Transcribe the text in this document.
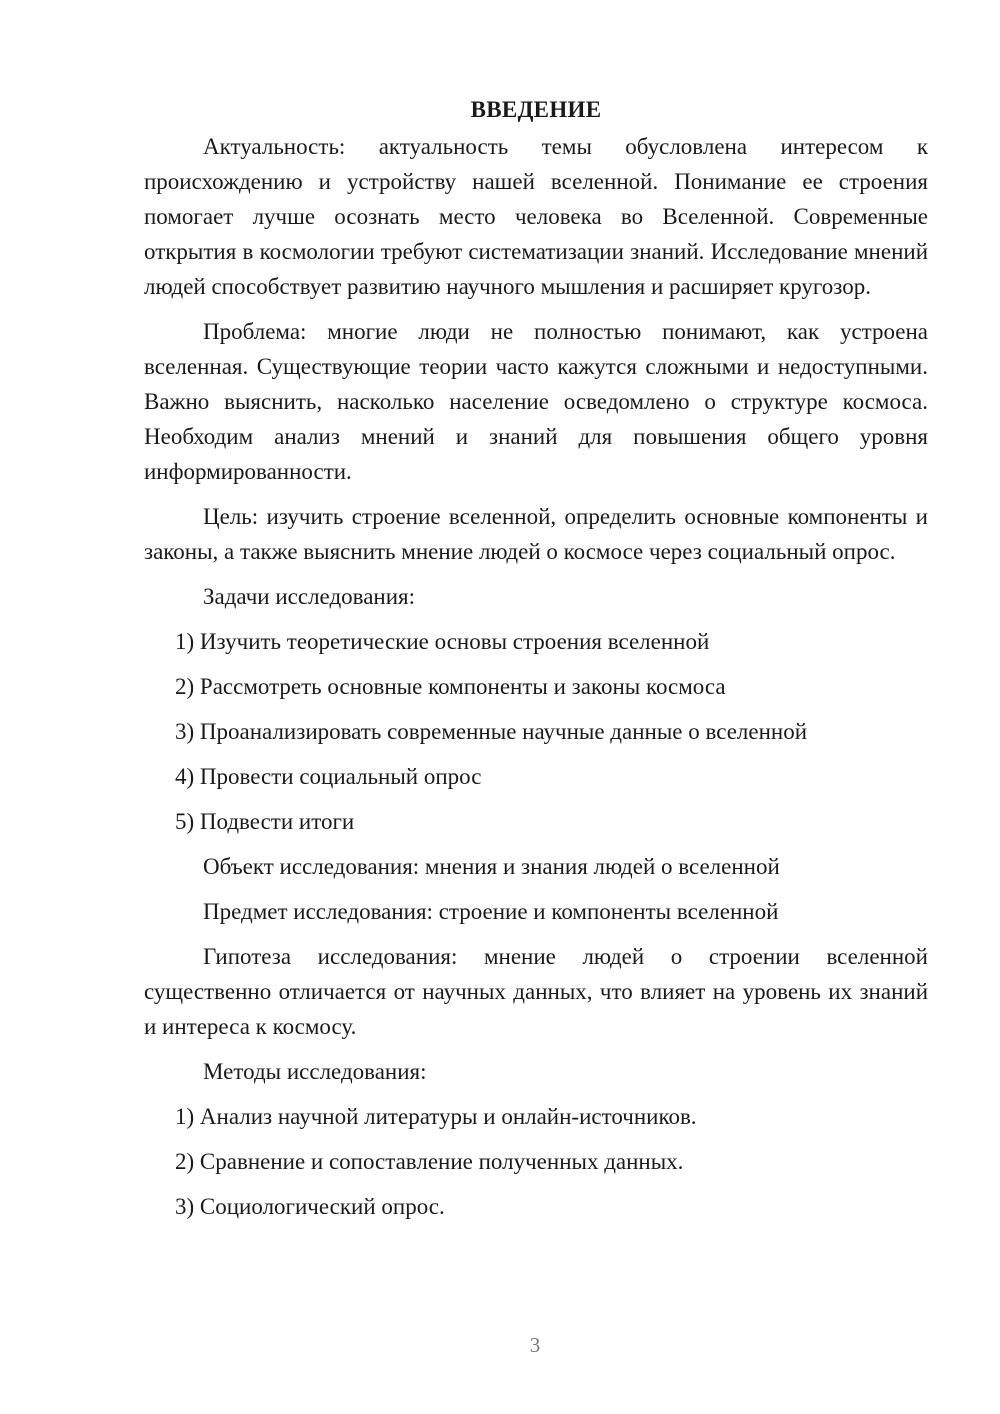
ВВЕДЕНИЕ

Актуальность: актуальность темы обусловлена интересом к происхождению и устройству нашей вселенной. Понимание ее строения помогает лучше осознать место человека во Вселенной. Современные открытия в космологии требуют систематизации знаний. Исследование мнений людей способствует развитию научного мышления и расширяет кругозор.

Проблема: многие люди не полностью понимают, как устроена вселенная. Существующие теории часто кажутся сложными и недоступными. Важно выяснить, насколько население осведомлено о структуре космоса. Необходим анализ мнений и знаний для повышения общего уровня информированности.

Цель: изучить строение вселенной, определить основные компоненты и законы, а также выяснить мнение людей о космосе через социальный опрос.

Задачи исследования:

1) Изучить теоретические основы строения вселенной
2) Рассмотреть основные компоненты и законы космоса
3) Проанализировать современные научные данные о вселенной
4) Провести социальный опрос
5) Подвести итоги

Объект исследования: мнения и знания людей о вселенной

Предмет исследования: строение и компоненты вселенной

Гипотеза исследования: мнение людей о строении вселенной существенно отличается от научных данных, что влияет на уровень их знаний и интереса к космосу.

Методы исследования:

1) Анализ научной литературы и онлайн-источников.
2) Сравнение и сопоставление полученных данных.
3) Социологический опрос.
3
